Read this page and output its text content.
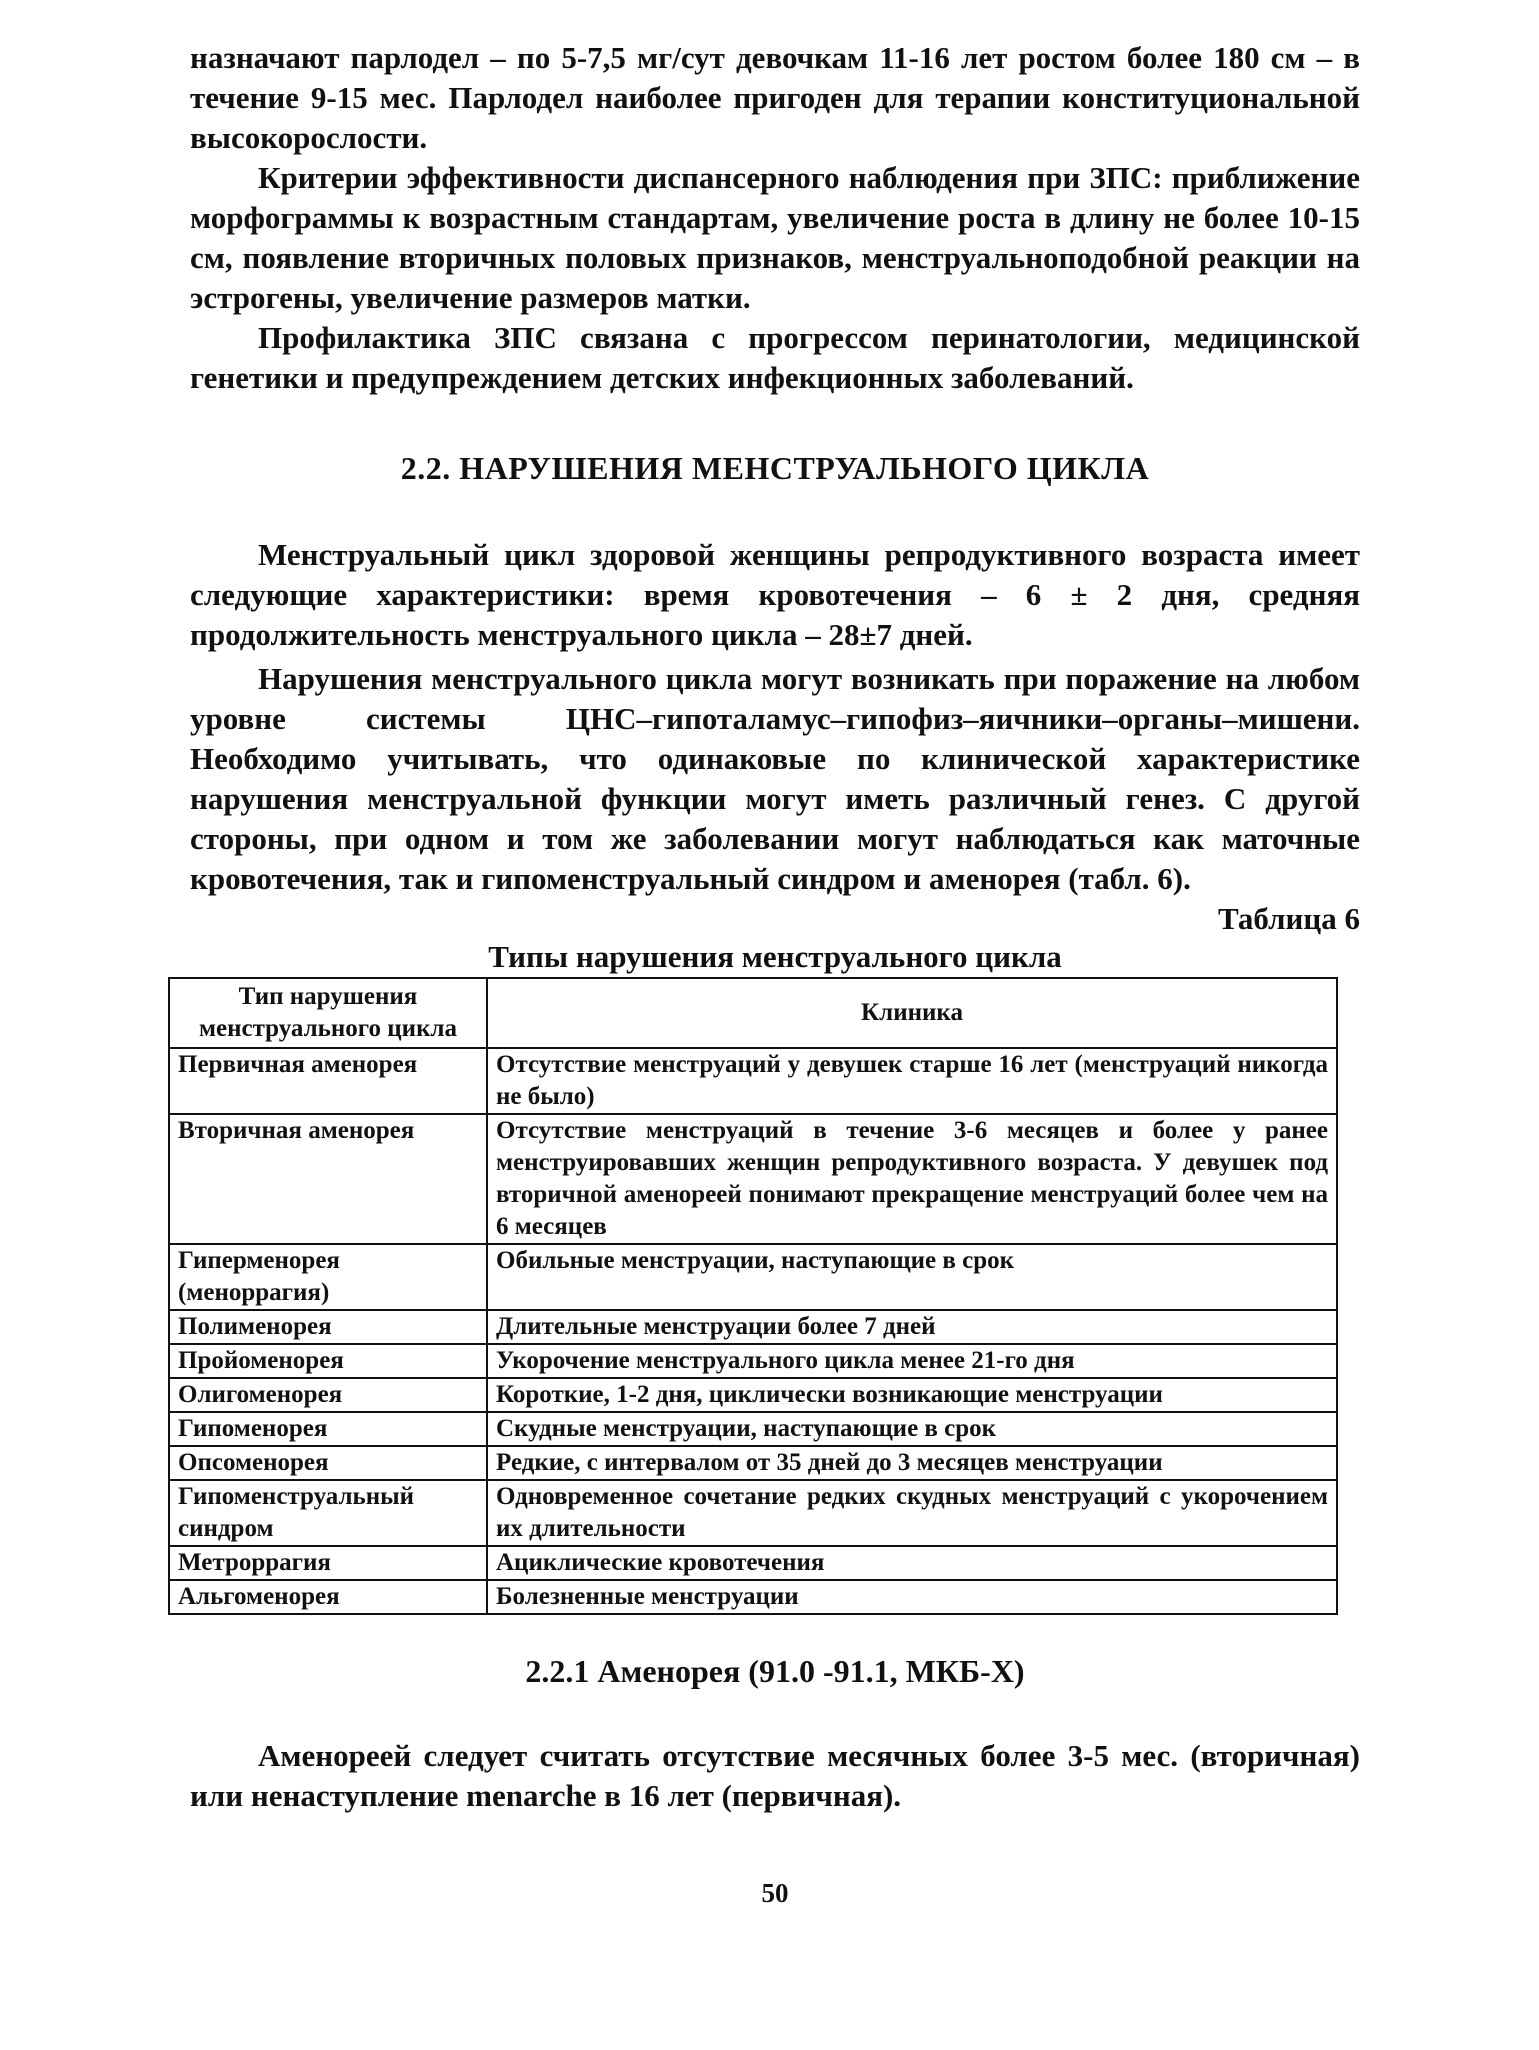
назначают парлодел – по 5-7,5 мг/сут девочкам 11-16 лет ростом более 180 см – в течение 9-15 мес. Парлодел наиболее пригоден для терапии конституциональной высокорослости.

Критерии эффективности диспансерного наблюдения при ЗПС: приближение морфограммы к возрастным стандартам, увеличение роста в длину не более 10-15 см, появление вторичных половых признаков, менструальноподобной реакции на эстрогены, увеличение размеров матки.

Профилактика ЗПС связана с прогрессом перинатологии, медицинской генетики и предупреждением детских инфекционных заболеваний.

2.2. НАРУШЕНИЯ МЕНСТРУАЛЬНОГО ЦИКЛА

Менструальный цикл здоровой женщины репродуктивного возраста имеет следующие характеристики: время кровотечения – 6 ± 2 дня, средняя продолжительность менструального цикла – 28±7 дней.

Нарушения менструального цикла могут возникать при поражение на любом уровне системы ЦНС–гипоталамус–гипофиз–яичники–органы–мишени. Необходимо учитывать, что одинаковые по клинической характеристике нарушения менструальной функции могут иметь различный генез. С другой стороны, при одном и том же заболевании могут наблюдаться как маточные кровотечения, так и гипоменструальный синдром и аменорея (табл. 6).

Таблица 6

Типы нарушения менструального цикла

Тип нарушения менструального цикла	Клиника
Первичная аменорея	Отсутствие менструаций у девушек старше 16 лет (менструаций никогда не было)
Вторичная аменорея	Отсутствие менструаций в течение 3-6 месяцев и более у ранее менструировавших женщин репродуктивного возраста. У девушек под вторичной аменореей понимают прекращение менструаций более чем на 6 месяцев
Гиперменорея (меноррагия)	Обильные менструации, наступающие в срок
Полименорея	Длительные менструации более 7 дней
Пройоменорея	Укорочение менструального цикла менее 21-го дня
Олигоменорея	Короткие, 1-2 дня, циклически возникающие менструации
Гипоменорея	Скудные менструации, наступающие в срок
Опсоменорея	Редкие, с интервалом от 35 дней до 3 месяцев менструации
Гипоменструальный синдром	Одновременное сочетание редких скудных менструаций с укорочением их длительности
Метроррагия	Ациклические кровотечения
Альгоменорея	Болезненные менструации
2.2.1 Аменорея (91.0 -91.1, МКБ-X)

Аменореей следует считать отсутствие месячных более 3-5 мес. (вторичная) или ненаступление menarche в 16 лет (первичная).

50
